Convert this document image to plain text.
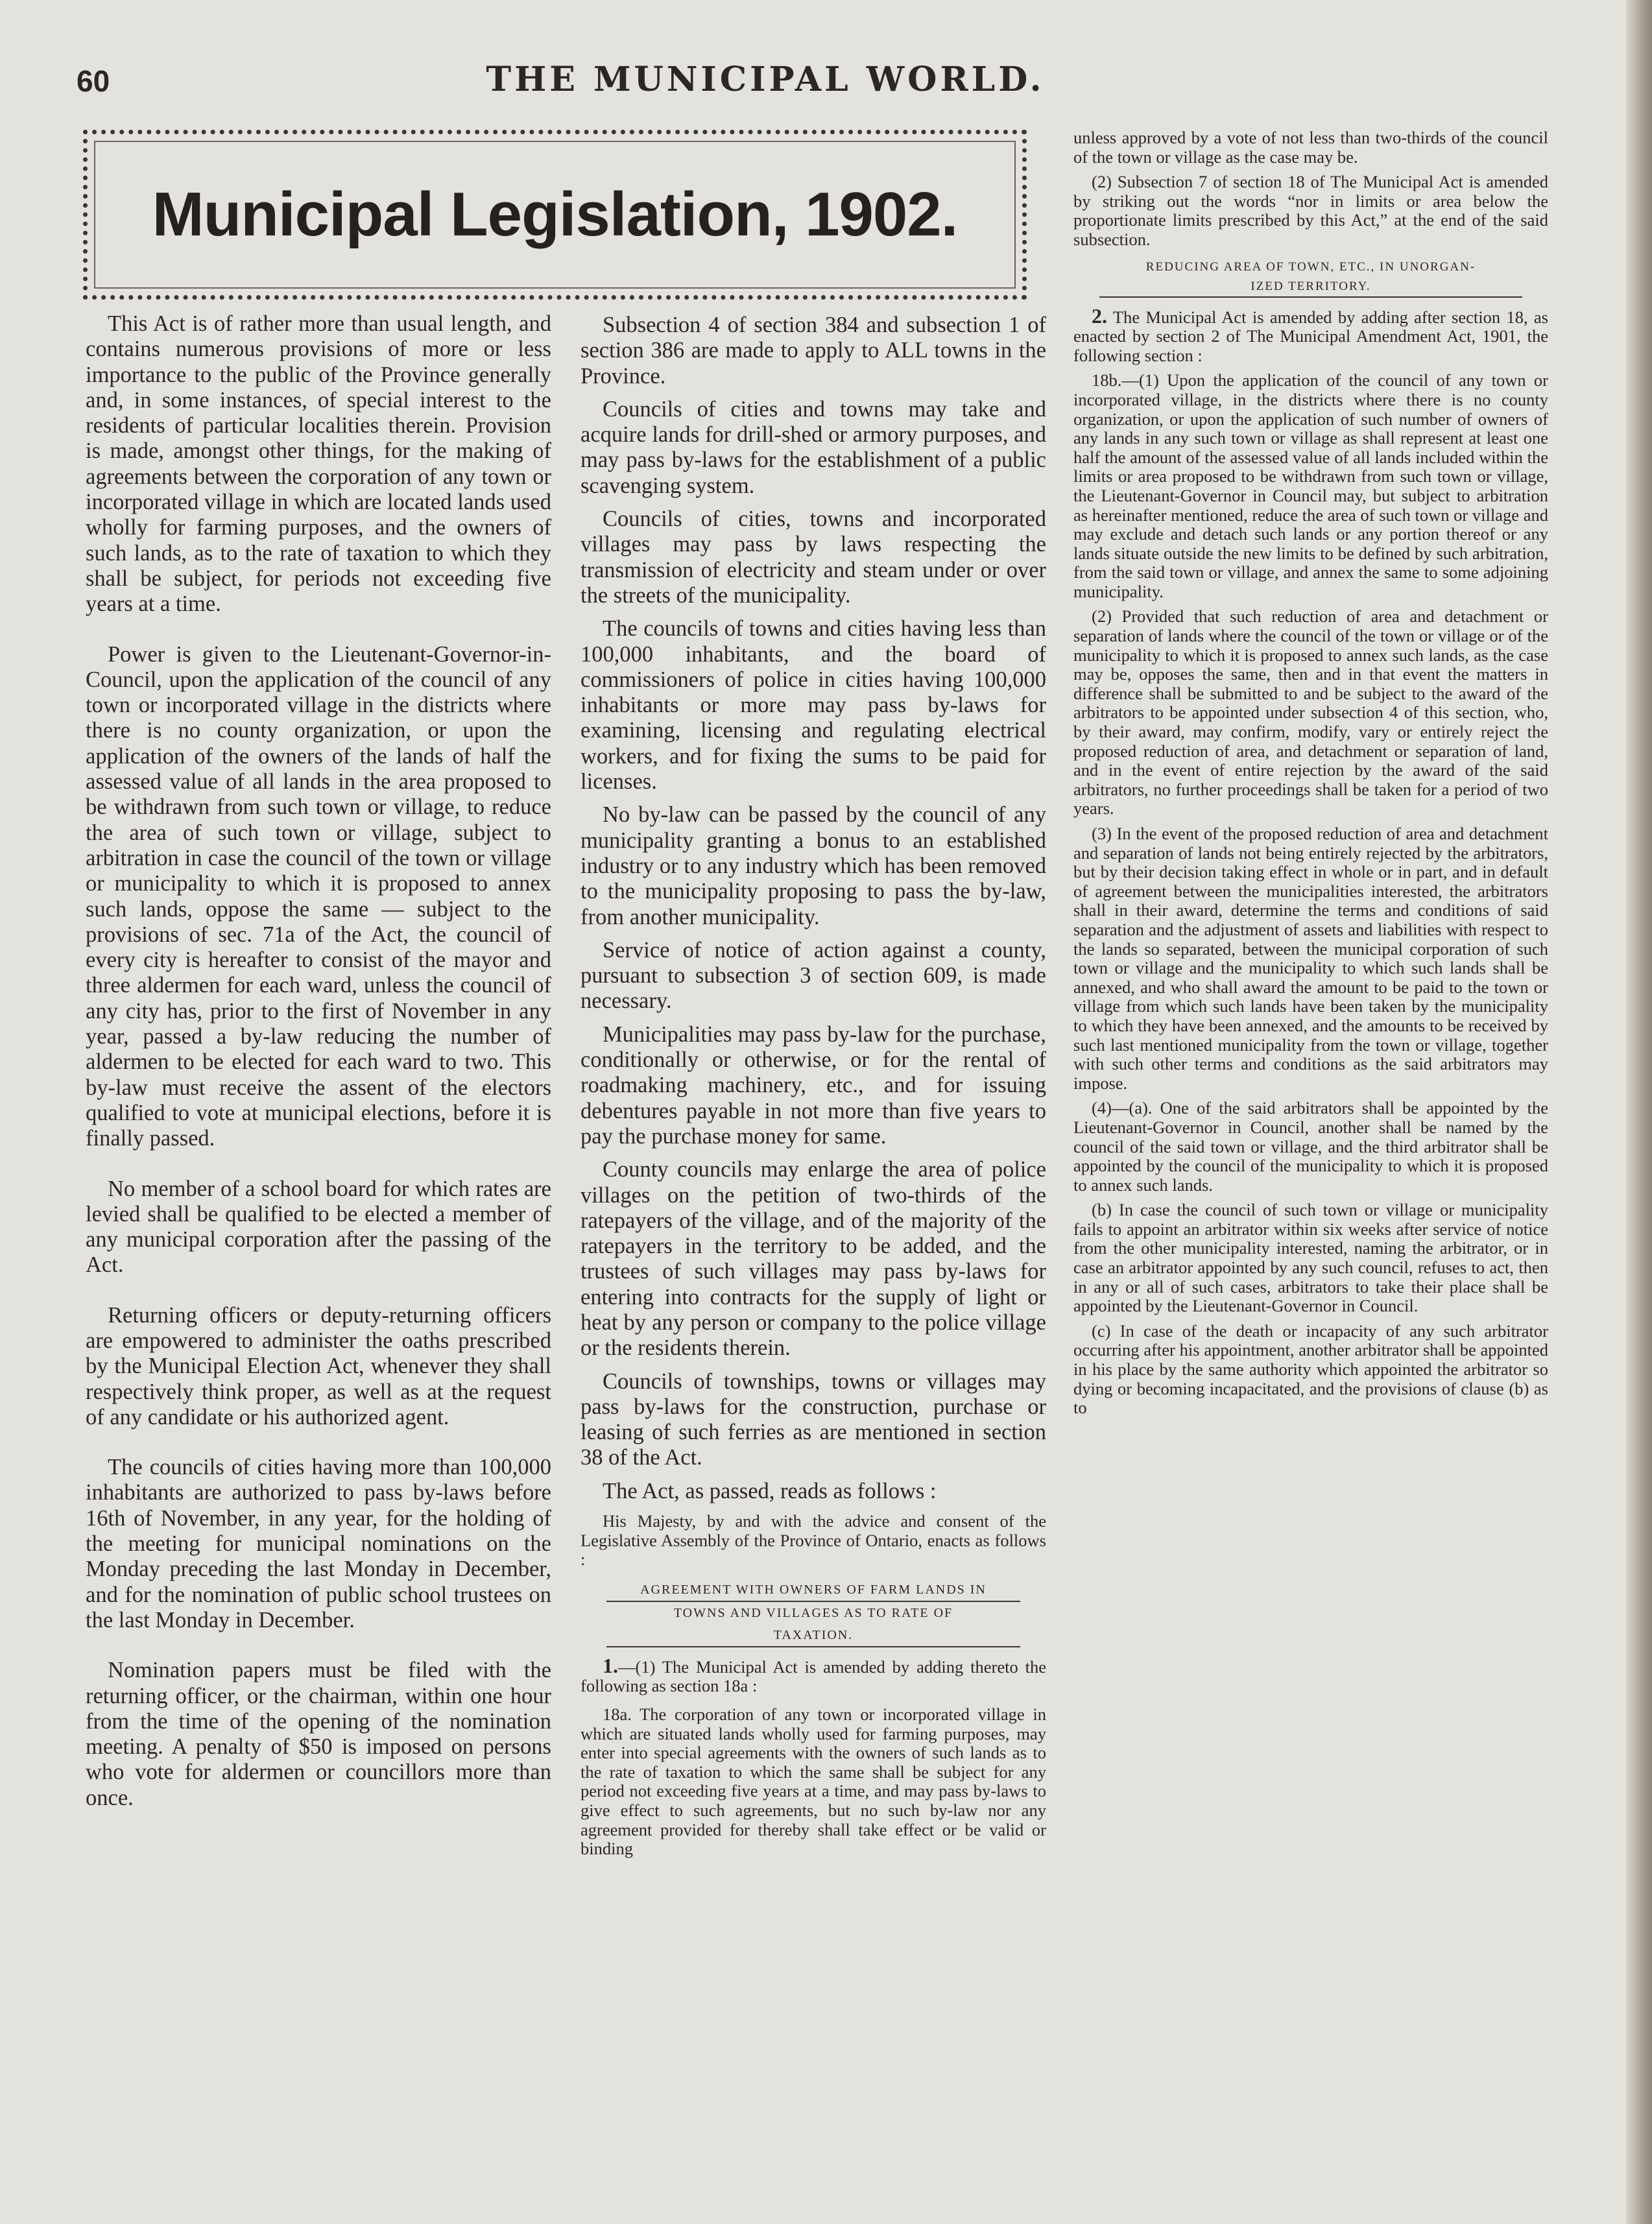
60	THE MUNICIPAL WORLD.
Municipal Legislation, 1902.

This Act is of rather more than usual length, and contains numerous provisions of more or less importance to the public of the Province generally and, in some instances, of special interest to the residents of particular localities therein. Provision is made, amongst other things, for the making of agreements between the corporation of any town or incorporated village in which are located lands used wholly for farming purposes, and the owners of such lands, as to the rate of taxation to which they shall be subject, for periods not exceeding five years at a time.

Power is given to the Lieutenant-Governor-in-Council, upon the application of the council of any town or incorporated village in the districts where there is no county organization, or upon the application of the owners of the lands of half the assessed value of all lands in the area proposed to be withdrawn from such town or village, to reduce the area of such town or village, subject to arbitration in case the council of the town or village or municipality to which it is proposed to annex such lands, oppose the same — subject to the provisions of sec. 71a of the Act, the council of every city is hereafter to consist of the mayor and three aldermen for each ward, unless the council of any city has, prior to the first of November in any year, passed a by-law reducing the number of aldermen to be elected for each ward to two. This by-law must receive the assent of the electors qualified to vote at municipal elections, before it is finally passed.

No member of a school board for which rates are levied shall be qualified to be elected a member of any municipal corporation after the passing of the Act.

Returning officers or deputy-returning officers are empowered to administer the oaths prescribed by the Municipal Election Act, whenever they shall respectively think proper, as well as at the request of any candidate or his authorized agent.

The councils of cities having more than 100,000 inhabitants are authorized to pass by-laws before 16th of November, in any year, for the holding of the meeting for municipal nominations on the Monday preceding the last Monday in December, and for the nomination of public school trustees on the last Monday in December.

Nomination papers must be filed with the returning officer, or the chairman, within one hour from the time of the opening of the nomination meeting. A penalty of $50 is imposed on persons who vote for aldermen or councillors more than once.

Subsection 4 of section 384 and subsection 1 of section 386 are made to apply to ALL towns in the Province.

Councils of cities and towns may take and acquire lands for drill-shed or armory purposes, and may pass by-laws for the establishment of a public scavenging system.

Councils of cities, towns and incorporated villages may pass by laws respecting the transmission of electricity and steam under or over the streets of the municipality.

The councils of towns and cities having less than 100,000 inhabitants, and the board of commissioners of police in cities having 100,000 inhabitants or more may pass by-laws for examining, licensing and regulating electrical workers, and for fixing the sums to be paid for licenses.

No by-law can be passed by the council of any municipality granting a bonus to an established industry or to any industry which has been removed to the municipality proposing to pass the by-law, from another municipality.

Service of notice of action against a county, pursuant to subsection 3 of section 609, is made necessary.

Municipalities may pass by-law for the purchase, conditionally or otherwise, or for the rental of roadmaking machinery, etc., and for issuing debentures payable in not more than five years to pay the purchase money for same.

County councils may enlarge the area of police villages on the petition of two-thirds of the ratepayers of the village, and of the majority of the ratepayers in the territory to be added, and the trustees of such villages may pass by-laws for entering into contracts for the supply of light or heat by any person or company to the police village or the residents therein.

Councils of townships, towns or villages may pass by-laws for the construction, purchase or leasing of such ferries as are mentioned in section 38 of the Act.

The Act, as passed, reads as follows :

His Majesty, by and with the advice and consent of the Legislative Assembly of the Province of Ontario, enacts as follows :

AGREEMENT WITH OWNERS OF FARM LANDS IN
TOWNS AND VILLAGES AS TO RATE OF
TAXATION.

1.—(1) The Municipal Act is amended by adding thereto the following as section 18a :

18a. The corporation of any town or incorporated village in which are situated lands wholly used for farming purposes, may enter into special agreements with the owners of such lands as to the rate of taxation to which the same shall be subject for any period not exceeding five years at a time, and may pass by-laws to give effect to such agreements, but no such by-law nor any agreement provided for thereby shall take effect or be valid or binding

unless approved by a vote of not less than two-thirds of the council of the town or village as the case may be.

(2) Subsection 7 of section 18 of The Municipal Act is amended by striking out the words “nor in limits or area below the proportionate limits prescribed by this Act,” at the end of the said subsection.

REDUCING AREA OF TOWN, ETC., IN UNORGAN-
IZED TERRITORY.

2. The Municipal Act is amended by adding after section 18, as enacted by section 2 of The Municipal Amendment Act, 1901, the following section :

18b.—(1) Upon the application of the council of any town or incorporated village, in the districts where there is no county organization, or upon the application of such number of owners of any lands in any such town or village as shall represent at least one half the amount of the assessed value of all lands included within the limits or area proposed to be withdrawn from such town or village, the Lieutenant-Governor in Council may, but subject to arbitration as hereinafter mentioned, reduce the area of such town or village and may exclude and detach such lands or any portion thereof or any lands situate outside the new limits to be defined by such arbitration, from the said town or village, and annex the same to some adjoining municipality.

(2) Provided that such reduction of area and detachment or separation of lands where the council of the town or village or of the municipality to which it is proposed to annex such lands, as the case may be, opposes the same, then and in that event the matters in difference shall be submitted to and be subject to the award of the arbitrators to be appointed under subsection 4 of this section, who, by their award, may confirm, modify, vary or entirely reject the proposed reduction of area, and detachment or separation of land, and in the event of entire rejection by the award of the said arbitrators, no further proceedings shall be taken for a period of two years.

(3) In the event of the proposed reduction of area and detachment and separation of lands not being entirely rejected by the arbitrators, but by their decision taking effect in whole or in part, and in default of agreement between the municipalities interested, the arbitrators shall in their award, determine the terms and conditions of said separation and the adjustment of assets and liabilities with respect to the lands so separated, between the municipal corporation of such town or village and the municipality to which such lands shall be annexed, and who shall award the amount to be paid to the town or village from which such lands have been taken by the municipality to which they have been annexed, and the amounts to be received by such last mentioned municipality from the town or village, together with such other terms and conditions as the said arbitrators may impose.

(4)—(a). One of the said arbitrators shall be appointed by the Lieutenant-Governor in Council, another shall be named by the council of the said town or village, and the third arbitrator shall be appointed by the council of the municipality to which it is proposed to annex such lands.

(b) In case the council of such town or village or municipality fails to appoint an arbitrator within six weeks after service of notice from the other municipality interested, naming the arbitrator, or in case an arbitrator appointed by any such council, refuses to act, then in any or all of such cases, arbitrators to take their place shall be appointed by the Lieutenant-Governor in Council.

(c) In case of the death or incapacity of any such arbitrator occurring after his appointment, another arbitrator shall be appointed in his place by the same authority which appointed the arbitrator so dying or becoming incapacitated, and the provisions of clause (b) as to
